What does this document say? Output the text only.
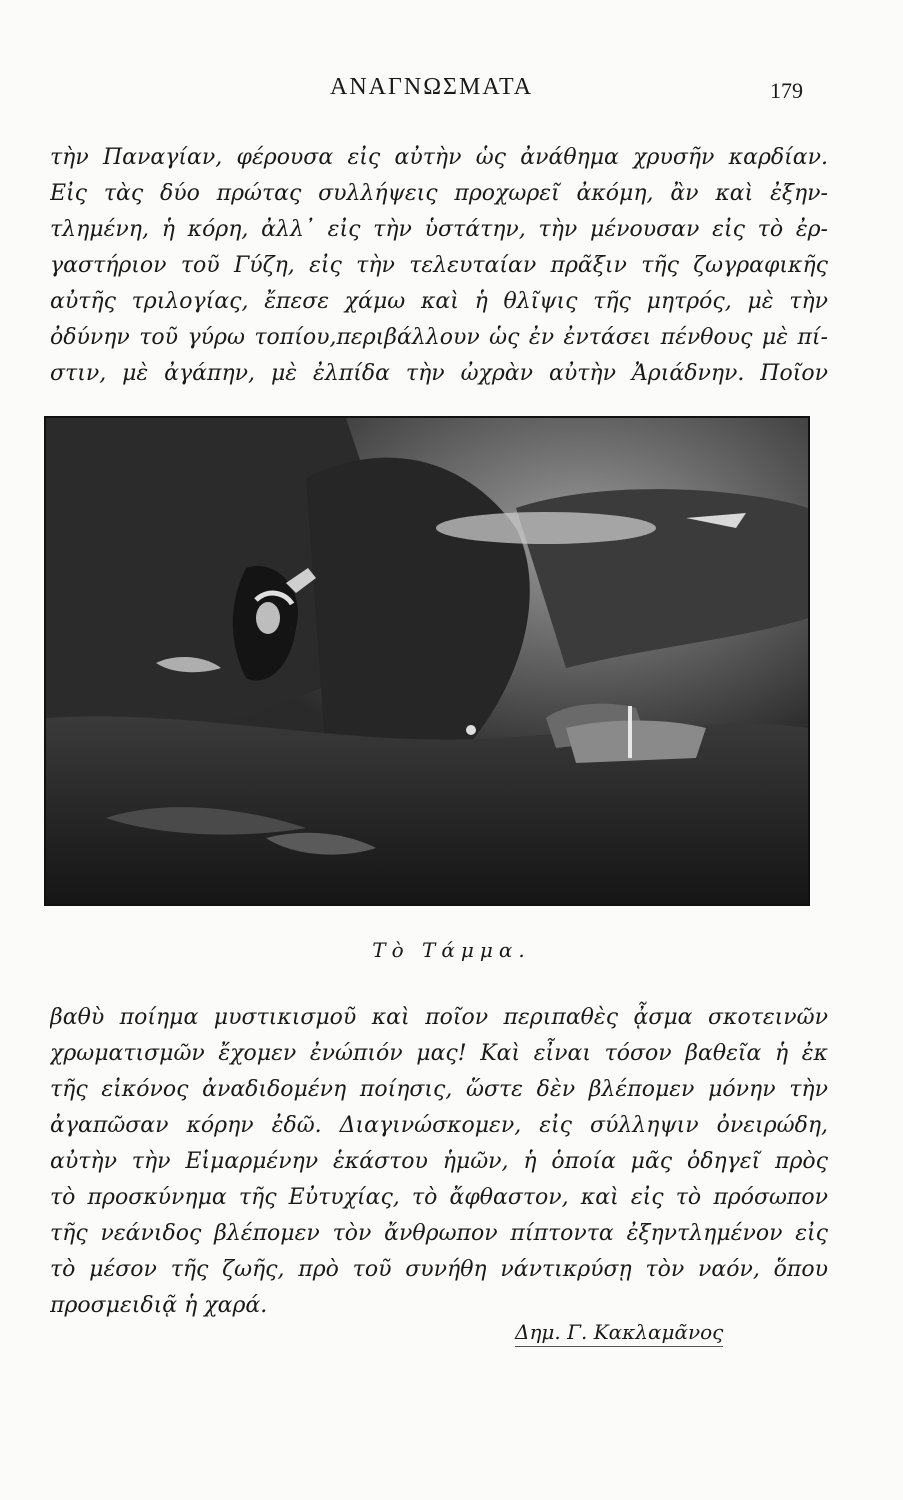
ΑΝΑΓΝΩΣΜΑΤΑ	179
τὴν Παναγίαν, φέρουσα εἰς αὐτὴν ὡς ἀνάθημα χρυσῆν καρδίαν.
Εἰς τὰς δύο πρώτας συλλήψεις προχωρεῖ ἀκόμη, ἂν καὶ ἐξην-
τλημένη, ἡ κόρη, ἀλλ᾽ εἰς τὴν ὑστάτην, τὴν μένουσαν εἰς τὸ ἐρ-
γαστήριον τοῦ Γύζη, εἰς τὴν τελευταίαν πρᾶξιν τῆς ζωγραφικῆς
αὐτῆς τριλογίας, ἔπεσε χάμω καὶ ἡ θλῖψις τῆς μητρός, μὲ τὴν
ὀδύνην τοῦ γύρω τοπίου,περιβάλλουν ὡς ἐν ἐντάσει πένθους μὲ πί-
στιν, μὲ ἀγάπην, μὲ ἐλπίδα τὴν ὠχρὰν αὐτὴν Ἀριάδνην. Ποῖον
Τὸ Τάμμα.
βαθὺ ποίημα μυστικισμοῦ καὶ ποῖον περιπαθὲς ᾆσμα σκοτεινῶν
χρωματισμῶν ἔχομεν ἐνώπιόν μας! Καὶ εἶναι τόσον βαθεῖα ἡ ἐκ
τῆς εἰκόνος ἀναδιδομένη ποίησις, ὥστε δὲν βλέπομεν μόνην τὴν
ἀγαπῶσαν κόρην ἐδῶ. Διαγινώσκομεν, εἰς σύλληψιν ὀνειρώδη,
αὐτὴν τὴν Εἱμαρμένην ἑκάστου ἡμῶν, ἡ ὁποία μᾶς ὁδηγεῖ πρὸς
τὸ προσκύνημα τῆς Εὐτυχίας, τὸ ἄφθαστον, καὶ εἰς τὸ πρόσωπον
τῆς νεάνιδος βλέπομεν τὸν ἄνθρωπον πίπτοντα ἐξηντλημένον εἰς
τὸ μέσον τῆς ζωῆς, πρὸ τοῦ συνήθη νάντικρύσῃ τὸν ναόν, ὅπου
προσμειδιᾷ ἡ χαρά.
Δημ. Γ. Κακλαμᾶνος
